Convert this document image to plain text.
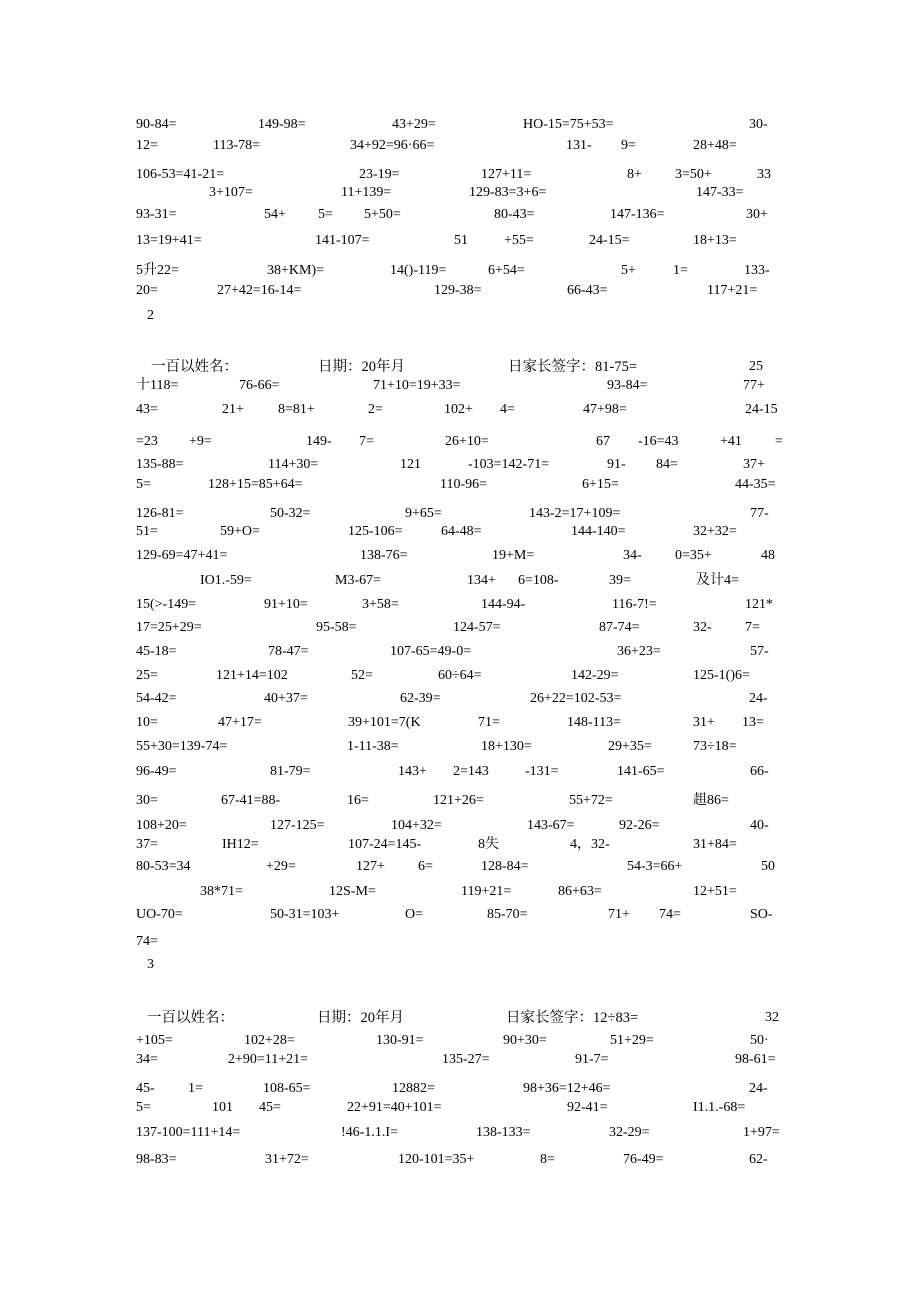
90-84=	149-98=	43+29=	HO-15=75+53=	30-
12=	113-78=	34+92=96·66=	131- 9=	28+48=
106-53=41-21=	23-19=	127+11=	8+ 3=50+	33
3+107=	11+139=	129-83=3+6=	147-33=
93-31=	54+ 5= 5+50=	80-43=	147-136=	30+
13=19+41=	141-107=	51	+55=	24-15=	18+13=
5升22=	38+KM)=	14()-119=	6+54=	5+	1=	133-
20=	27+42=16-14=	129-38=	66-43=	117+21=
2
一百以姓名：	日期：20年月	日家长签字：81-75=	25
十118=	76-66=	71+10=19+33=	93-84=	77+
43=	21+ 8=81+	2=	102+ 4=	47+98=	24-15
=23 +9=	149- 7=	26+10=	67 -16=43	+41 =
135-88=	114+30=	121	-103=142-71=	91- 84=	37+
5=	128+15=85+64=	110-96=	6+15=	44-35=
126-81=	50-32=	9+65=	143-2=17+109=	77-
51=	59+O=	125-106=	64-48=	144-140=	32+32=
129-69=47+41=	138-76=	19+M=	34- 0=35+	48
IO1.-59=	M3-67=	134+ 6=108-	39=	及计4=
15(>-149=	91+10=	3+58=	144-94-	116-7!=	121*
17=25+29=	95-58=	124-57=	87-74=	32- 7=
45-18=	78-47=	107-65=49-0=	36+23=	57-
25=	121+14=102	52=	60÷64=	142-29=	125-1()6=
54-42=	40+37=	62-39=	26+22=102-53=	24-
10=	47+17=	39+101=7(K	71=	148-113=	31+ 13=
55+30=139-74=	1-11-38=	18+130=	29+35=	73÷18=
96-49=	81-79=	143+ 2=143	-131=	141-65=	66-
30=	67-41=88-	16=	121+26=	55+72=	趄86=
108+20=	127-125=	104+32=	143-67=	92-26=	40-
37=	IH12=	107-24=145-	8失	4，32-	31+84=
80-53=34	+29=	127+ 6=	128-84=	54-3=66+	50
38*71=	12S-M=	119+21=	86+63=	12+51=
UO-70=	50-31=103+	O=	85-70=	71+ 74=	SO-
74=
3
一百以姓名：	日期：20年月	日家长签字：12÷83=	32
+105=	102+28=	130-91=	90+30=	51+29=	50·
34=	2+90=11+21=	135-27=	91-7=	98-61=
45- 1=	108-65=	12882=	98+36=12+46=	24-
5=	101 45=	22+91=40+101=	92-41=	I1.1.-68=
137-100=111+14=	!46-1.1.I=	138-133=	32-29=	1+97=
98-83=	31+72=	120-101=35+	8=	76-49=	62-
